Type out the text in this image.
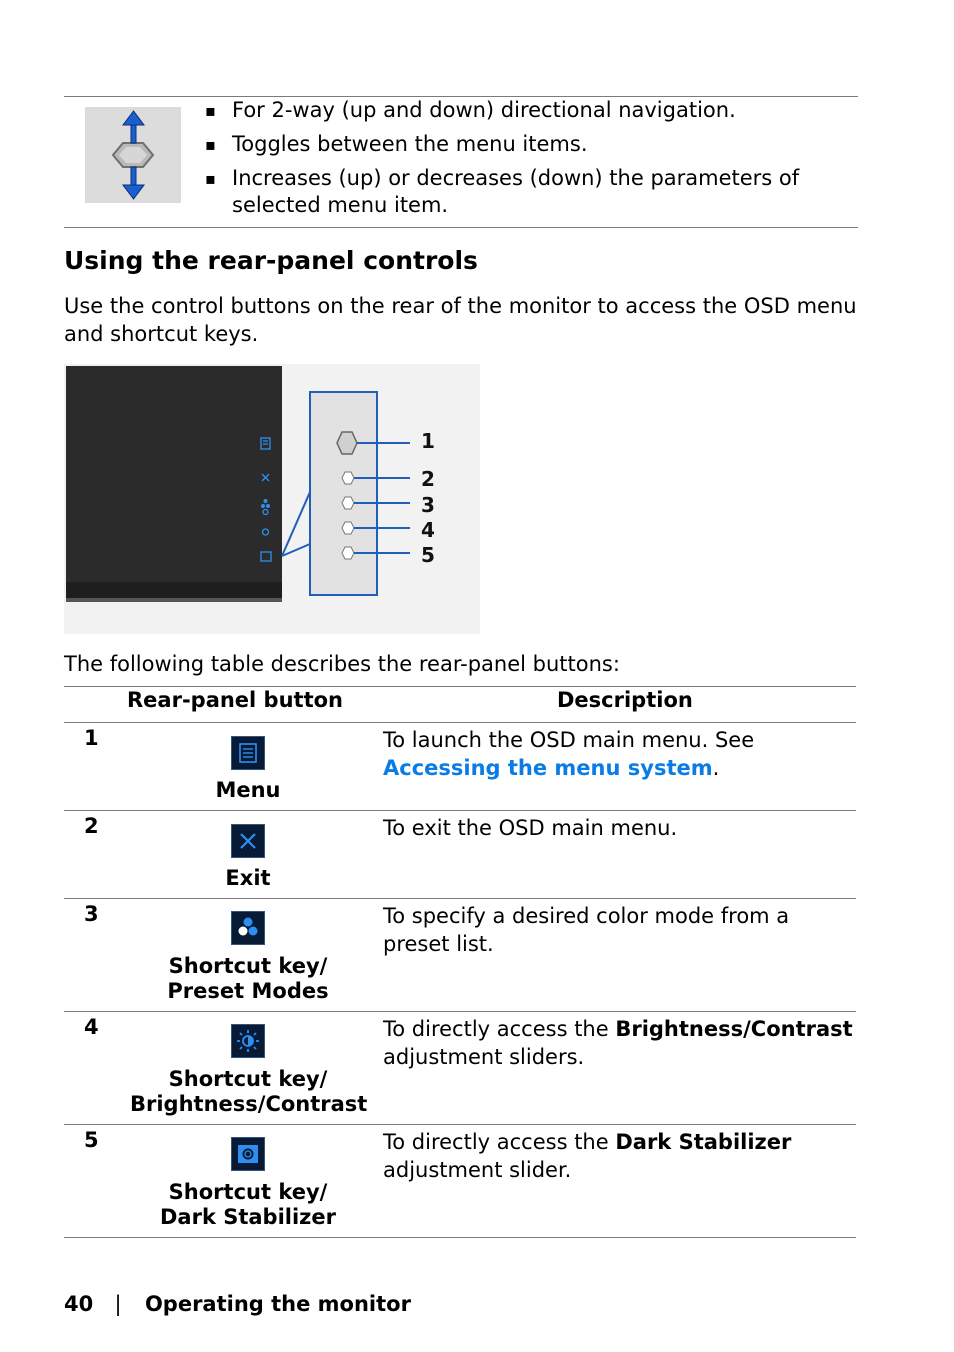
▪ For 2-way (up and down) directional navigation.
▪ Toggles between the menu items.
▪ Increases (up) or decreases (down) the parameters of selected menu item.
Using the rear-panel controls
Use the control buttons on the rear of the monitor to access the OSD menu and shortcut keys.
1
2
3
4
5
The following table describes the rear-panel buttons:
Rear-panel button	Description
1
Menu
To launch the OSD main menu. See Accessing the menu system.
2
Exit
To exit the OSD main menu.
3
Shortcut key/
Preset Modes
To specify a desired color mode from a preset list.
4
Shortcut key/
Brightness/Contrast
To directly access the Brightness/Contrast adjustment sliders.
5
Shortcut key/
Dark Stabilizer
To directly access the Dark Stabilizer adjustment slider.
40 | Operating the monitor
